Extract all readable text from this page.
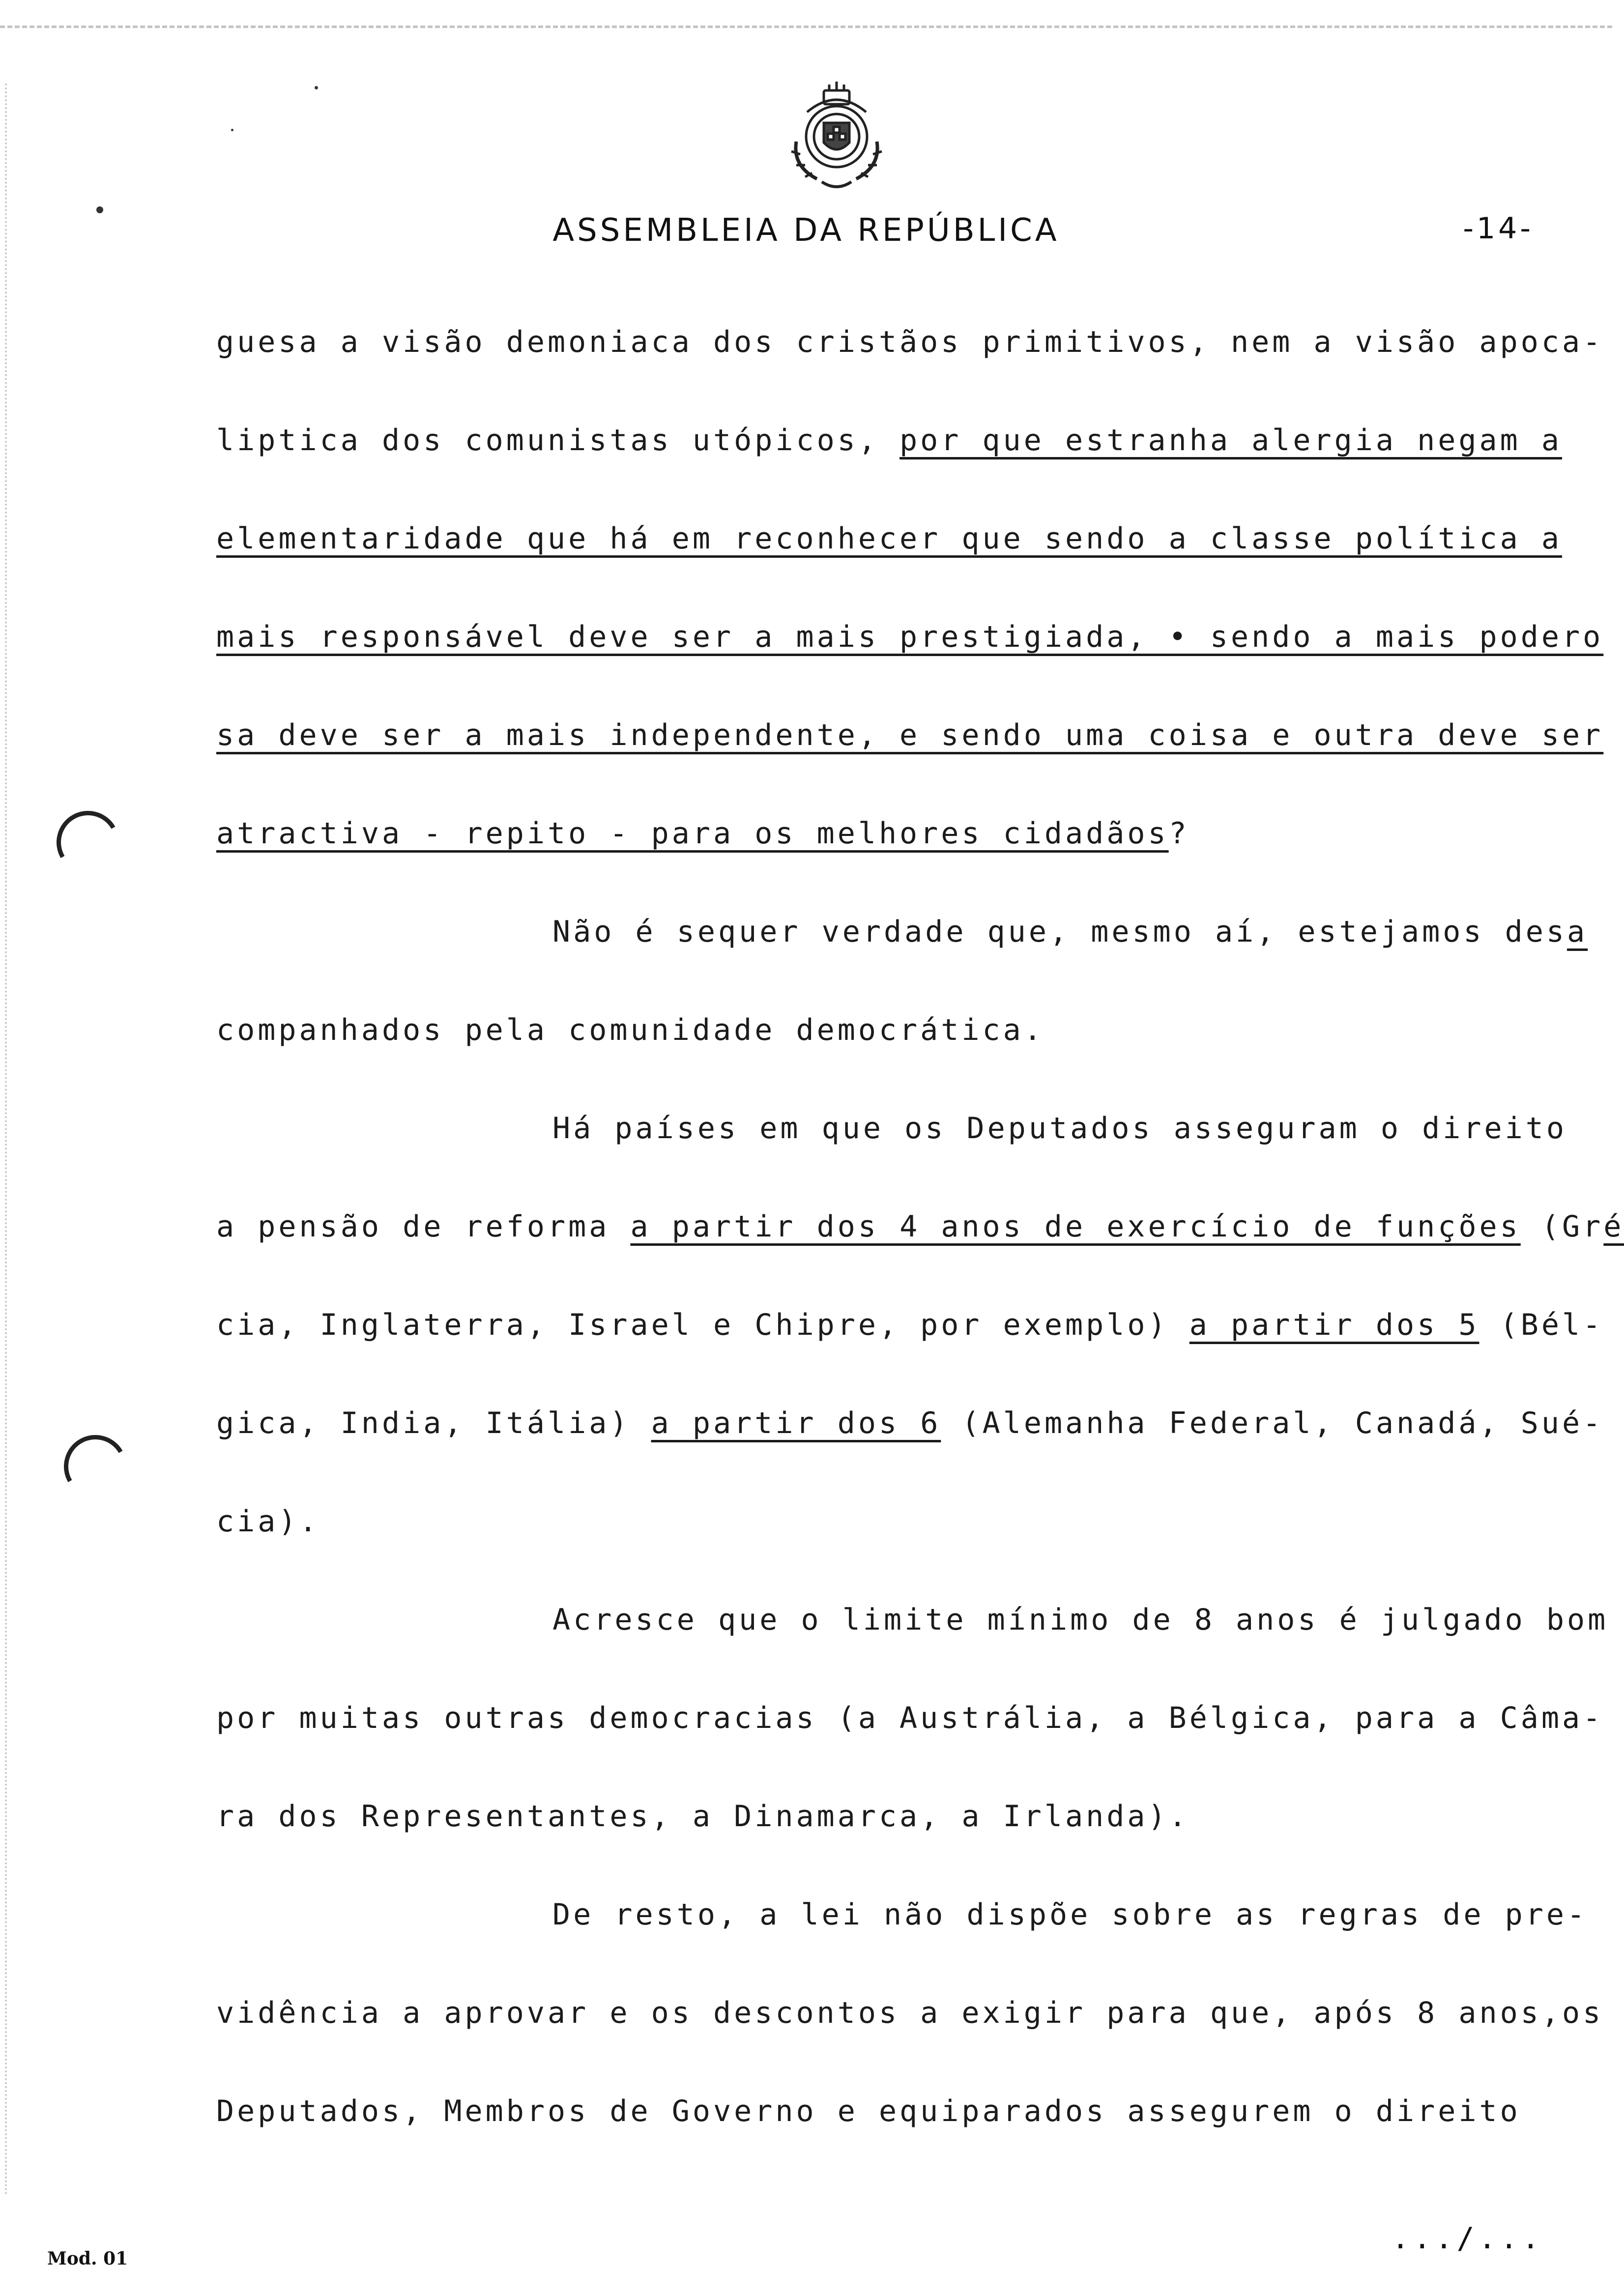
ASSEMBLEIA DA REPÚBLICA	-14-
guesa a visão demoniaca dos cristãos primitivos, nem a visão apoca-
liptica dos comunistas utópicos, por que estranha alergia negam a
elementaridade que há em reconhecer que sendo a classe política a
mais responsável deve ser a mais prestigiada, • sendo a mais podero
sa deve ser a mais independente, e sendo uma coisa e outra deve ser
atractiva - repito - para os melhores cidadãos?
Não é sequer verdade que, mesmo aí, estejamos desa
companhados pela comunidade democrática.
Há países em que os Deputados asseguram o direito
a pensão de reforma a partir dos 4 anos de exercício de funções (Gré
cia, Inglaterra, Israel e Chipre, por exemplo) a partir dos 5 (Bél-
gica, India, Itália) a partir dos 6 (Alemanha Federal, Canadá, Sué-
cia).
Acresce que o limite mínimo de 8 anos é julgado bom
por muitas outras democracias (a Austrália, a Bélgica, para a Câma-
ra dos Representantes, a Dinamarca, a Irlanda).
De resto, a lei não dispõe sobre as regras de pre-
vidência a aprovar e os descontos a exigir para que, após 8 anos,os
Deputados, Membros de Governo e equiparados assegurem o direito
.../...
Mod. 01
